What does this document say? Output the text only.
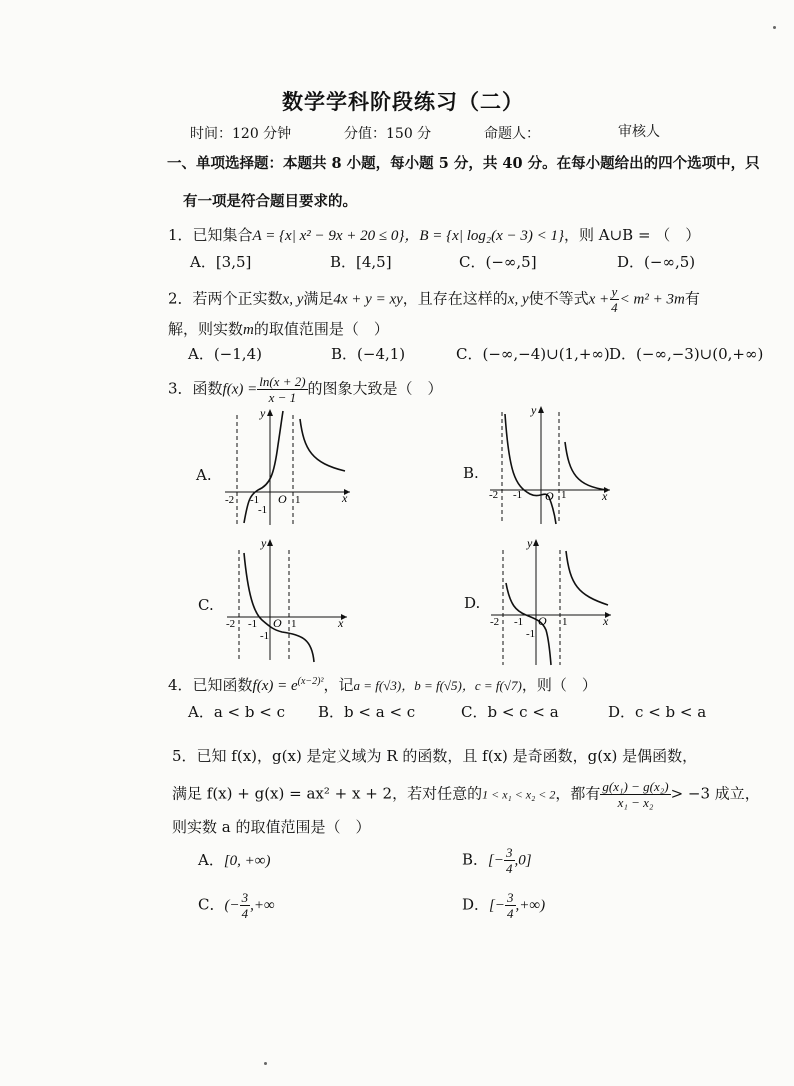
数学学科阶段练习（二）
时间：120 分钟	分值：150 分	命题人：	审核人
一、单项选择题：本题共 8 小题，每小题 5 分，共 40 分。在每小题给出的四个选项中，只
有一项是符合题目要求的。
1．已知集合A = {x| x² − 9x + 20 ≤ 0}，B = {x| log₂(x − 3) < 1}，则 A∪B = （　）
A．[3,5]	B．[4,5]	C．(−∞,5]	D．(−∞,5)
2．若两个正实数x, y满足4x + y = xy，且存在这样的x, y使不等式$x + \frac{y}{4} < m^2 + 3m$有
解，则实数m的取值范围是（　）
A．(−1,4)	B．(−4,1)	C．(−∞,−4)∪(1,+∞) D．(−∞,−3)∪(0,+∞)
3．函数$f(x) = \frac{\ln(x + 2)}{x - 1}$ 的图象大致是（　）
A.	B.
C.	D.
y
x
-2 -1 O 1
-1
y
x
-2 -1 O 1
y
x
-2 -1 O 1
-1
y
x
-2 -1 O 1
-1
4．已知函数$f(x) = e^{(x-2)^2}$，记a = f(√3)，b = f(√5)，c = f(√7)，则（　）
A．a < b < c B．b < a < c	C．b < c < a	D．c < b < a
5．已知 f(x)，g(x) 是定义域为 R 的函数，且 f(x) 是奇函数，g(x) 是偶函数，
满足 f(x) + g(x) = ax² + x + 2，若对任意的1 < x₁ < x₂ < 2，都有 $\frac{\text{g(x₁) − g(x₂)}}{\text{x₁ − x₂}} > -3$ 成立，
则实数 a 的取值范围是（　）
A．[0, +∞)	B．[− $\frac{3}{4} ,0$]
C．(− $\frac{3}{4}$ ,+∞	D．[− $\frac{3}{4}$ ,+∞)
